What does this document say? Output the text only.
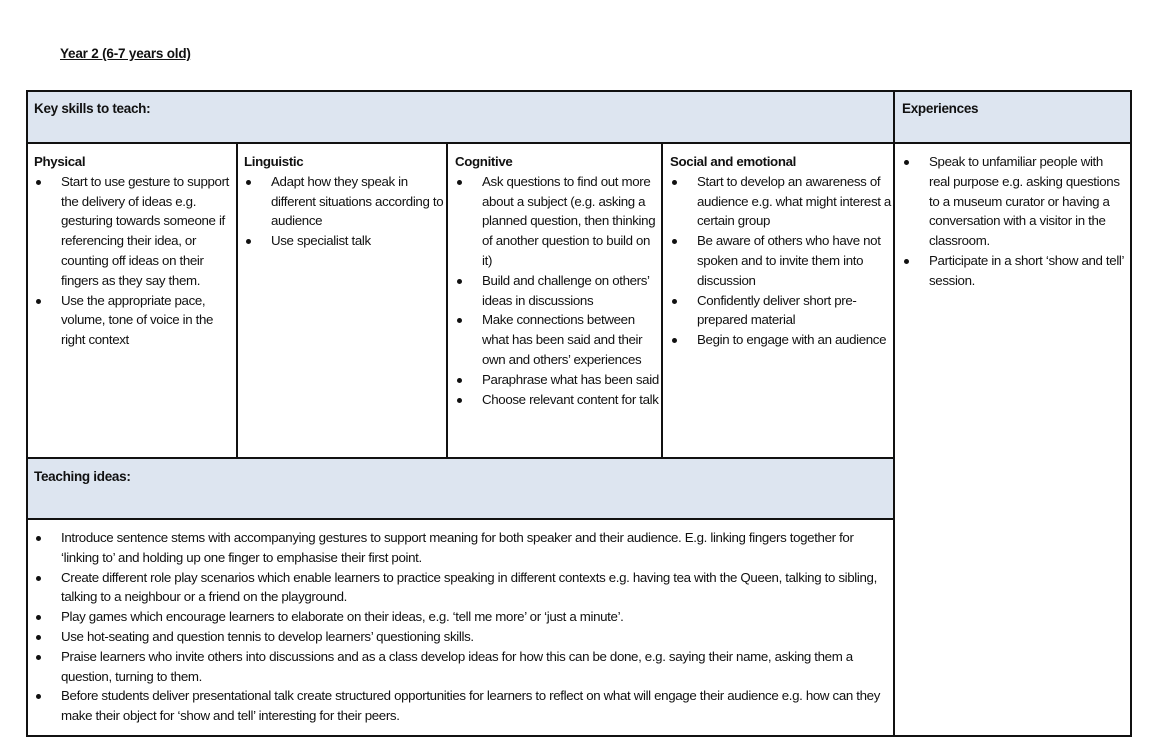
Year 2 (6-7 years old)
Key skills to teach:	Experiences
Teaching ideas:
Physical
Start to use gesture to support the delivery of ideas e.g. gesturing towards someone if referencing their idea, or counting off ideas on their fingers as they say them.
Use the appropriate pace, volume, tone of voice in the right context
Linguistic
Adapt how they speak in different situations according to audience
Use specialist talk
Cognitive
Ask questions to find out more about a subject (e.g. asking a planned question, then thinking of another question to build on it)
Build and challenge on others’ ideas in discussions
Make connections between what has been said and their own and others’ experiences
Paraphrase what has been said
Choose relevant content for talk
Social and emotional
Start to develop an awareness of audience e.g. what might interest a certain group
Be aware of others who have not spoken and to invite them into discussion
Confidently deliver short pre-prepared material
Begin to engage with an audience
Speak to unfamiliar people with real purpose e.g. asking questions to a museum curator or having a conversation with a visitor in the classroom.
Participate in a short ‘show and tell’ session.
Introduce sentence stems with accompanying gestures to support meaning for both speaker and their audience. E.g. linking fingers together for ‘linking to’ and holding up one finger to emphasise their first point.
Create different role play scenarios which enable learners to practice speaking in different contexts e.g. having tea with the Queen, talking to sibling, talking to a neighbour or a friend on the playground.
Play games which encourage learners to elaborate on their ideas, e.g. ‘tell me more’ or ‘just a minute’.
Use hot-seating and question tennis to develop learners’ questioning skills.
Praise learners who invite others into discussions and as a class develop ideas for how this can be done, e.g. saying their name, asking them a question, turning to them.
Before students deliver presentational talk create structured opportunities for learners to reflect on what will engage their audience e.g. how can they make their object for ‘show and tell’ interesting for their peers.
